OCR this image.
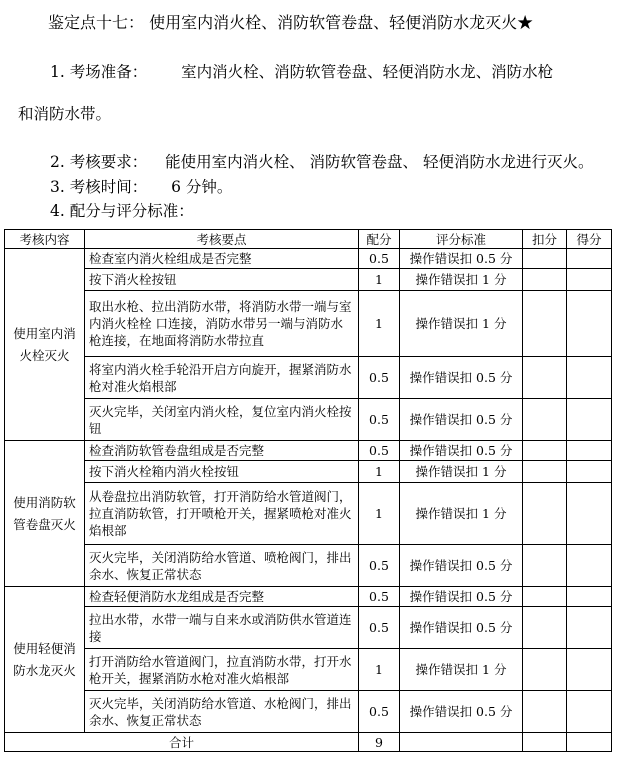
鉴定点十七： 使用室内消火栓、消防软管卷盘、轻便消防水龙灭火★
1. 考场准备： 室内消火栓、消防软管卷盘、轻便消防水龙、消防水枪
和消防水带。
2. 考核要求： 能使用室内消火栓、 消防软管卷盘、 轻便消防水龙进行灭火。
3. 考核时间： 6 分钟。
4. 配分与评分标准：
考核内容	考核要点	配分	评分标准	扣分	得分
使用室内消火栓灭火	检查室内消火栓组成是否完整	0.5	操作错误扣 0.5 分		
	按下消火栓按钮	1	操作错误扣 1 分		
	取出水枪、拉出消防水带，将消防水带一端与室内消火栓栓 口连接，消防水带另一端与消防水枪连接，在地面将消防水带拉直	1	操作错误扣 1 分		
	将室内消火栓手轮沿开启方向旋开，握紧消防水枪对准火焰根部	0.5	操作错误扣 0.5 分		
	灭火完毕，关闭室内消火栓，复位室内消火栓按钮	0.5	操作错误扣 0.5 分		
使用消防软管卷盘灭火	检查消防软管卷盘组成是否完整	0.5	操作错误扣 0.5 分		
	按下消火栓箱内消火栓按钮	1	操作错误扣 1 分		
	从卷盘拉出消防软管，打开消防给水管道阀门，拉直消防软管，打开喷枪开关，握紧喷枪对准火焰根部	1	操作错误扣 1 分		
	灭火完毕，关闭消防给水管道、喷枪阀门，排出余水、恢复正常状态	0.5	操作错误扣 0.5 分		
使用轻便消防水龙灭火	检查轻便消防水龙组成是否完整	0.5	操作错误扣 0.5 分		
	拉出水带，水带一端与自来水或消防供水管道连接	0.5	操作错误扣 0.5 分		
	打开消防给水管道阀门，拉直消防水带，打开水枪开关，握紧消防水枪对准火焰根部	1	操作错误扣 1 分		
	灭火完毕，关闭消防给水管道、水枪阀门，排出余水、恢复正常状态	0.5	操作错误扣 0.5 分		
合计		9			
